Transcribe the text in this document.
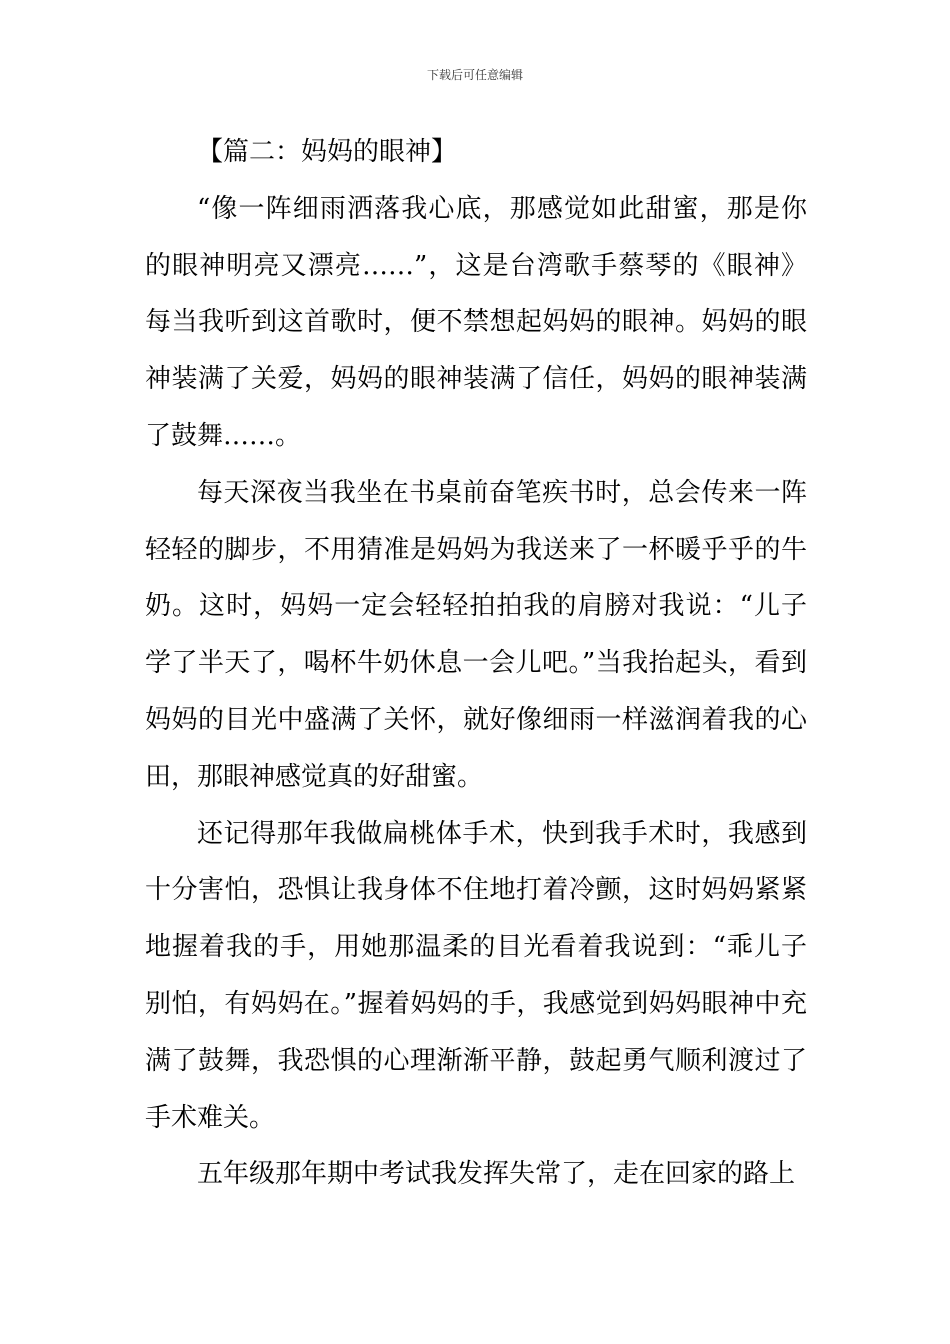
下载后可任意编辑

【篇二：妈妈的眼神】

“像一阵细雨洒落我心底，那感觉如此甜蜜，那是你的眼神明亮又漂亮……”，这是台湾歌手蔡琴的《眼神》每当我听到这首歌时，便不禁想起妈妈的眼神。妈妈的眼神装满了关爱，妈妈的眼神装满了信任，妈妈的眼神装满了鼓舞……。

每天深夜当我坐在书桌前奋笔疾书时，总会传来一阵轻轻的脚步，不用猜准是妈妈为我送来了一杯暖乎乎的牛奶。这时，妈妈一定会轻轻拍拍我的肩膀对我说：“儿子学了半天了，喝杯牛奶休息一会儿吧。”当我抬起头，看到妈妈的目光中盛满了关怀，就好像细雨一样滋润着我的心田，那眼神感觉真的好甜蜜。

还记得那年我做扁桃体手术，快到我手术时，我感到十分害怕，恐惧让我身体不住地打着冷颤，这时妈妈紧紧地握着我的手，用她那温柔的目光看着我说到：“乖儿子别怕，有妈妈在。”握着妈妈的手，我感觉到妈妈眼神中充满了鼓舞，我恐惧的心理渐渐平静，鼓起勇气顺利渡过了手术难关。

五年级那年期中考试我发挥失常了，走在回家的路上
